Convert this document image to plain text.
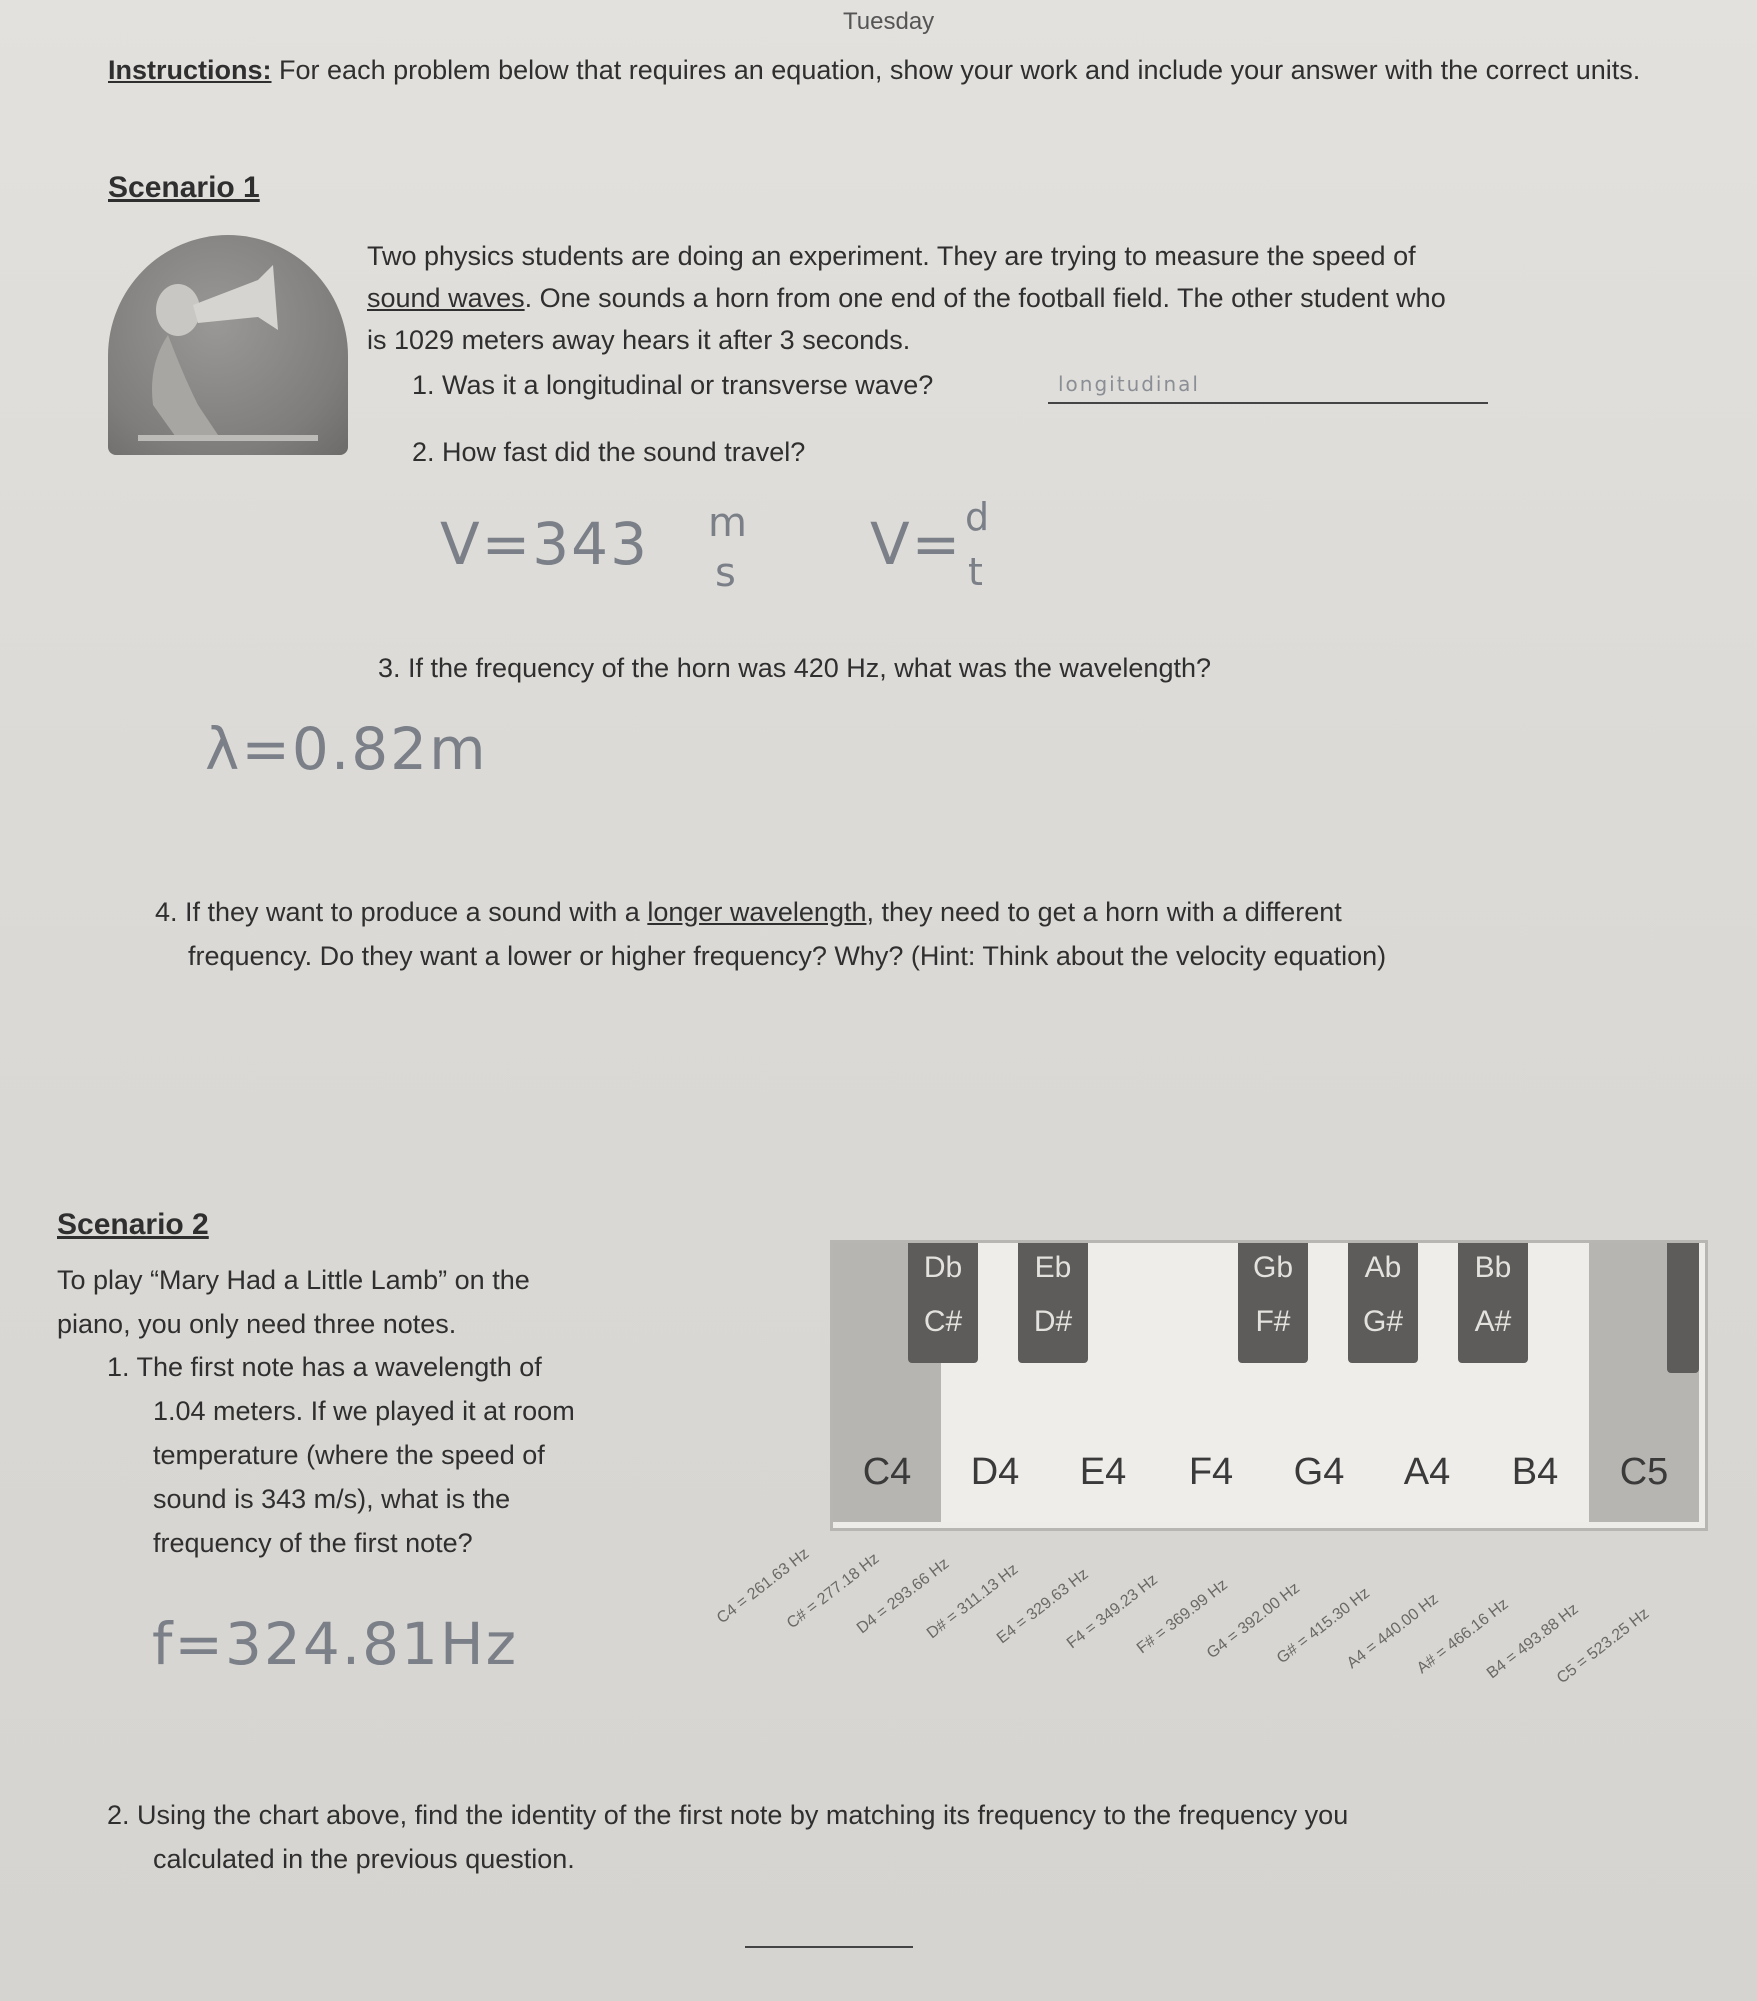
Tuesday
Instructions: For each problem below that requires an equation, show your work and include your answer with the correct units.
Scenario 1
Two physics students are doing an experiment. They are trying to measure the speed of
sound waves. One sounds a horn from one end of the football field. The other student who
is 1029 meters away hears it after 3 seconds.
1. Was it a longitudinal or transverse wave?	longitudinal
2. How fast did the sound travel?
V=343 m
s V= d
t
3. If the frequency of the horn was 420 Hz, what was the wavelength?
λ=0.82m
4. If they want to produce a sound with a longer wavelength, they need to get a horn with a different
frequency. Do they want a lower or higher frequency? Why? (Hint: Think about the velocity equation)
Scenario 2
To play “Mary Had a Little Lamb” on the
piano, you only need three notes.
1. The first note has a wavelength of
1.04 meters. If we played it at room
temperature (where the speed of
sound is 343 m/s), what is the
frequency of the first note?
f=324.81Hz
C4	D4	E4	F4	G4	A4	B4	C5
Db	Eb	Gb	Ab	Bb
C#	D#	F#	G#	A#
C4 = 261.63 Hz
C# = 277.18 Hz
D4 = 293.66 Hz
D# = 311.13 Hz
E4 = 329.63 Hz
F4 = 349.23 Hz
F# = 369.99 Hz
G4 = 392.00 Hz
G# = 415.30 Hz
A4 = 440.00 Hz
A# = 466.16 Hz
B4 = 493.88 Hz
C5 = 523.25 Hz
2. Using the chart above, find the identity of the first note by matching its frequency to the frequency you
calculated in the previous question.
